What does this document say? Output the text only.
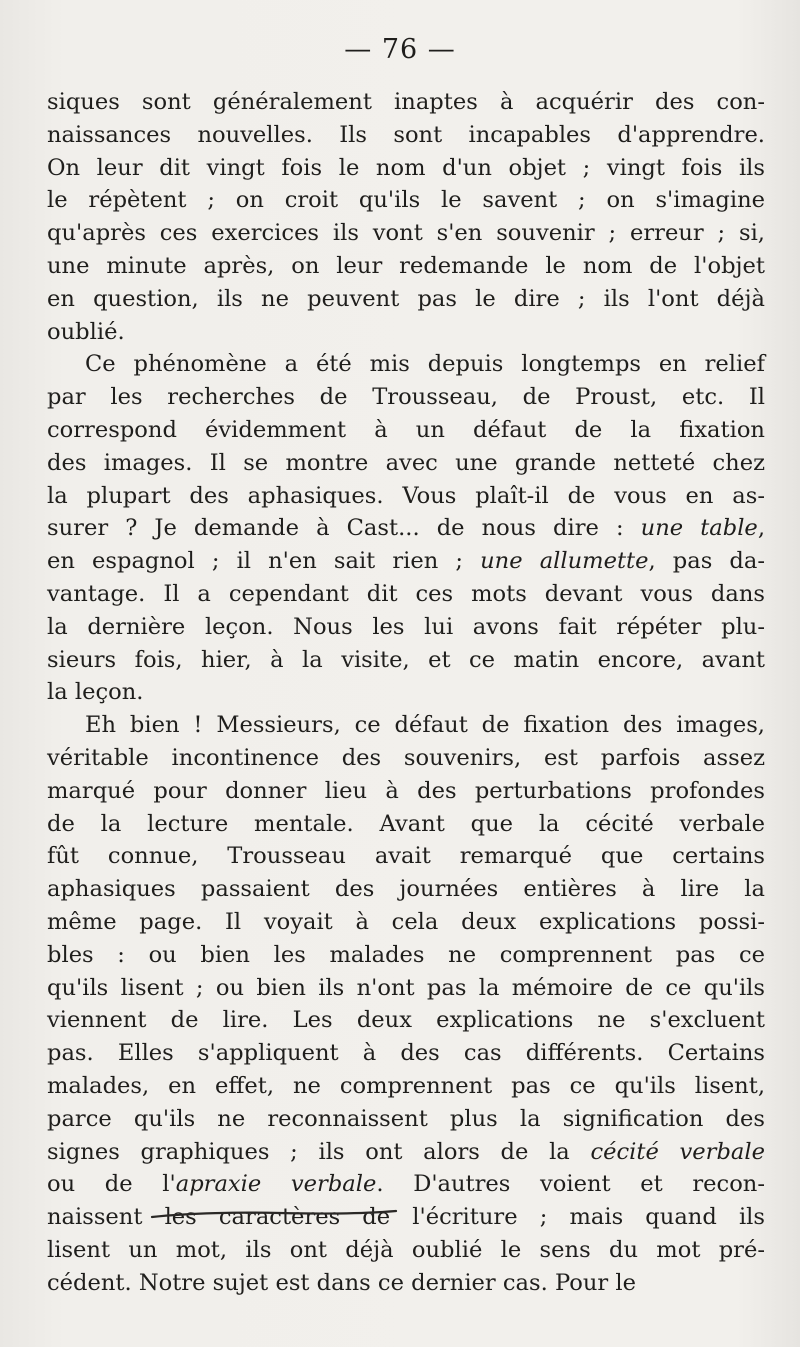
— 76 —
siques sont généralement inaptes à acquérir des con-
naissances nouvelles. Ils sont incapables d'apprendre.
On leur dit vingt fois le nom d'un objet ; vingt fois ils
le répètent ; on croit qu'ils le savent ; on s'imagine
qu'après ces exercices ils vont s'en souvenir ; erreur ; si,
une minute après, on leur redemande le nom de l'objet
en question, ils ne peuvent pas le dire ; ils l'ont déjà
oublié.
Ce phénomène a été mis depuis longtemps en relief
par les recherches de Trousseau, de Proust, etc. Il
correspond évidemment à un défaut de la fixation
des images. Il se montre avec une grande netteté chez
la plupart des aphasiques. Vous plaît-il de vous en as-
surer ? Je demande à Cast... de nous dire : une table,
en espagnol ; il n'en sait rien ; une allumette, pas da-
vantage. Il a cependant dit ces mots devant vous dans
la dernière leçon. Nous les lui avons fait répéter plu-
sieurs fois, hier, à la visite, et ce matin encore, avant
la leçon.
Eh bien ! Messieurs, ce défaut de fixation des images,
véritable incontinence des souvenirs, est parfois assez
marqué pour donner lieu à des perturbations profondes
de la lecture mentale. Avant que la cécité verbale
fût connue, Trousseau avait remarqué que certains
aphasiques passaient des journées entières à lire la
même page. Il voyait à cela deux explications possi-
bles : ou bien les malades ne comprennent pas ce
qu'ils lisent ; ou bien ils n'ont pas la mémoire de ce qu'ils
viennent de lire. Les deux explications ne s'excluent
pas. Elles s'appliquent à des cas différents. Certains
malades, en effet, ne comprennent pas ce qu'ils lisent,
parce qu'ils ne reconnaissent plus la signification des
signes graphiques ; ils ont alors de la cécité verbale
ou de l'apraxie verbale. D'autres voient et recon-
naissent les caractères de l'écriture ; mais quand ils
lisent un mot, ils ont déjà oublié le sens du mot pré-
cédent. Notre sujet est dans ce dernier cas. Pour le
